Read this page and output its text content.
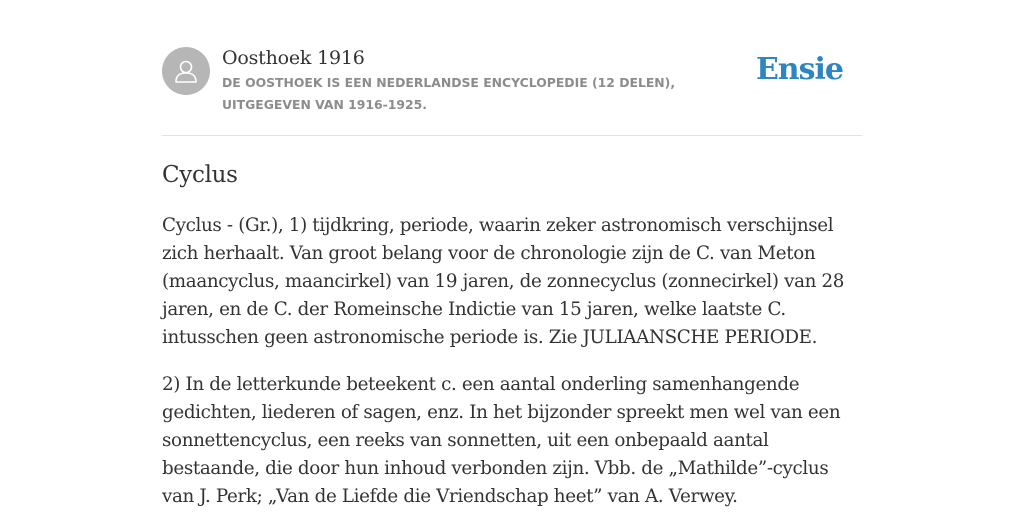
Oosthoek 1916
DE OOSTHOEK IS EEN NEDERLANDSE ENCYCLOPEDIE (12 DELEN), UITGEGEVEN VAN 1916-1925.
Ensie
Cyclus

Cyclus - (Gr.), 1) tijdkring, periode, waarin zeker astronomisch verschijnsel zich herhaalt. Van groot belang voor de chronologie zijn de C. van Meton (maancyclus, maancirkel) van 19 jaren, de zonnecyclus (zonnecirkel) van 28 jaren, en de C. der Romeinsche Indictie van 15 jaren, welke laatste C. intusschen geen astronomische periode is. Zie JULIAANSCHE PERIODE.

2) In de letterkunde beteekent c. een aantal onderling samenhangende gedichten, liederen of sagen, enz. In het bijzonder spreekt men wel van een sonnettencyclus, een reeks van sonnetten, uit een onbepaald aantal bestaande, die door hun inhoud verbonden zijn. Vbb. de „Mathilde”-cyclus van J. Perk; „Van de Liefde die Vriendschap heet” van A. Verwey.
